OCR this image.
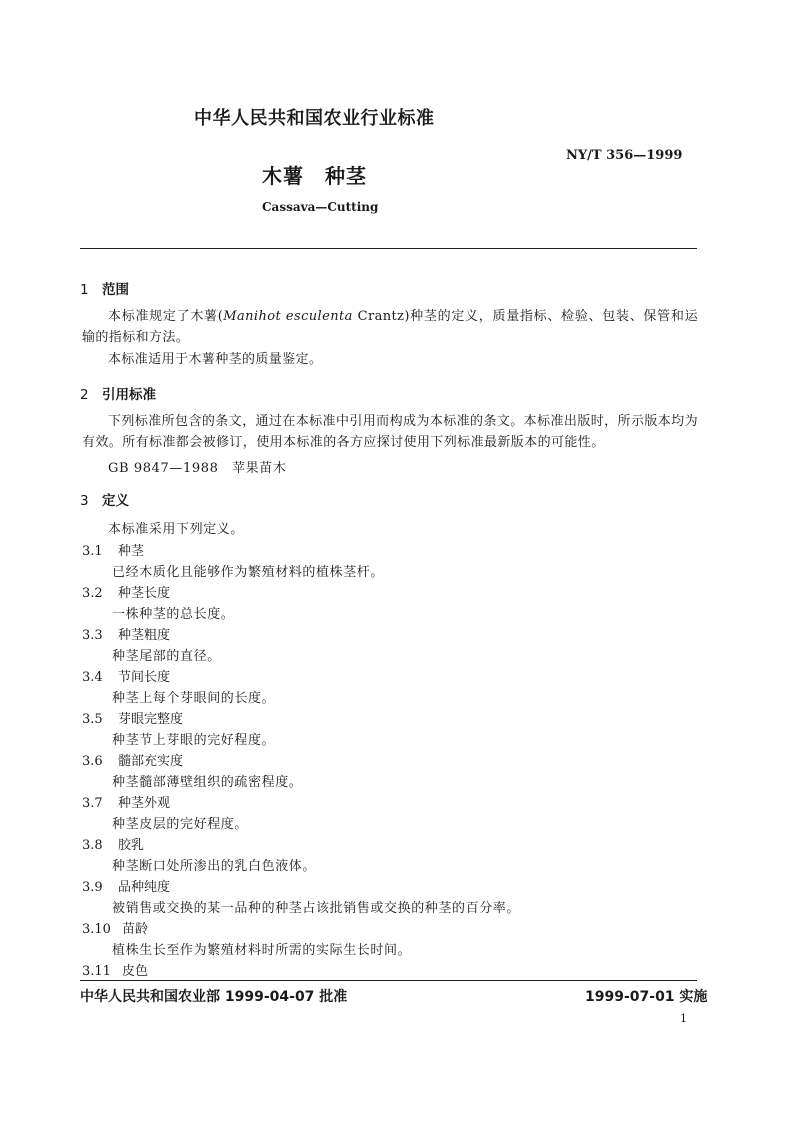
中华人民共和国农业行业标准
NY/T 356—1999
木薯　种茎
Cassava—Cutting
1 范围
本标准规定了木薯(Manihot esculenta Crantz)种茎的定义，质量指标、检验、包装、保管和运输的指标和方法。
本标准适用于木薯种茎的质量鉴定。
2 引用标准
下列标准所包含的条文，通过在本标准中引用而构成为本标准的条文。本标准出版时，所示版本均为有效。所有标准都会被修订，使用本标准的各方应探讨使用下列标准最新版本的可能性。
GB 9847—1988　苹果苗木
3 定义
本标准采用下列定义。
3.1 种茎
已经木质化且能够作为繁殖材料的植株茎杆。
3.2 种茎长度
一株种茎的总长度。
3.3 种茎粗度
种茎尾部的直径。
3.4 节间长度
种茎上每个芽眼间的长度。
3.5 芽眼完整度
种茎节上芽眼的完好程度。
3.6 髓部充实度
种茎髓部薄壁组织的疏密程度。
3.7 种茎外观
种茎皮层的完好程度。
3.8 胶乳
种茎断口处所渗出的乳白色液体。
3.9 品种纯度
被销售或交换的某一品种的种茎占该批销售或交换的种茎的百分率。
3.10 苗龄
植株生长至作为繁殖材料时所需的实际生长时间。
3.11 皮色
中华人民共和国农业部 1999-04-07 批准	1999-07-01 实施
1
